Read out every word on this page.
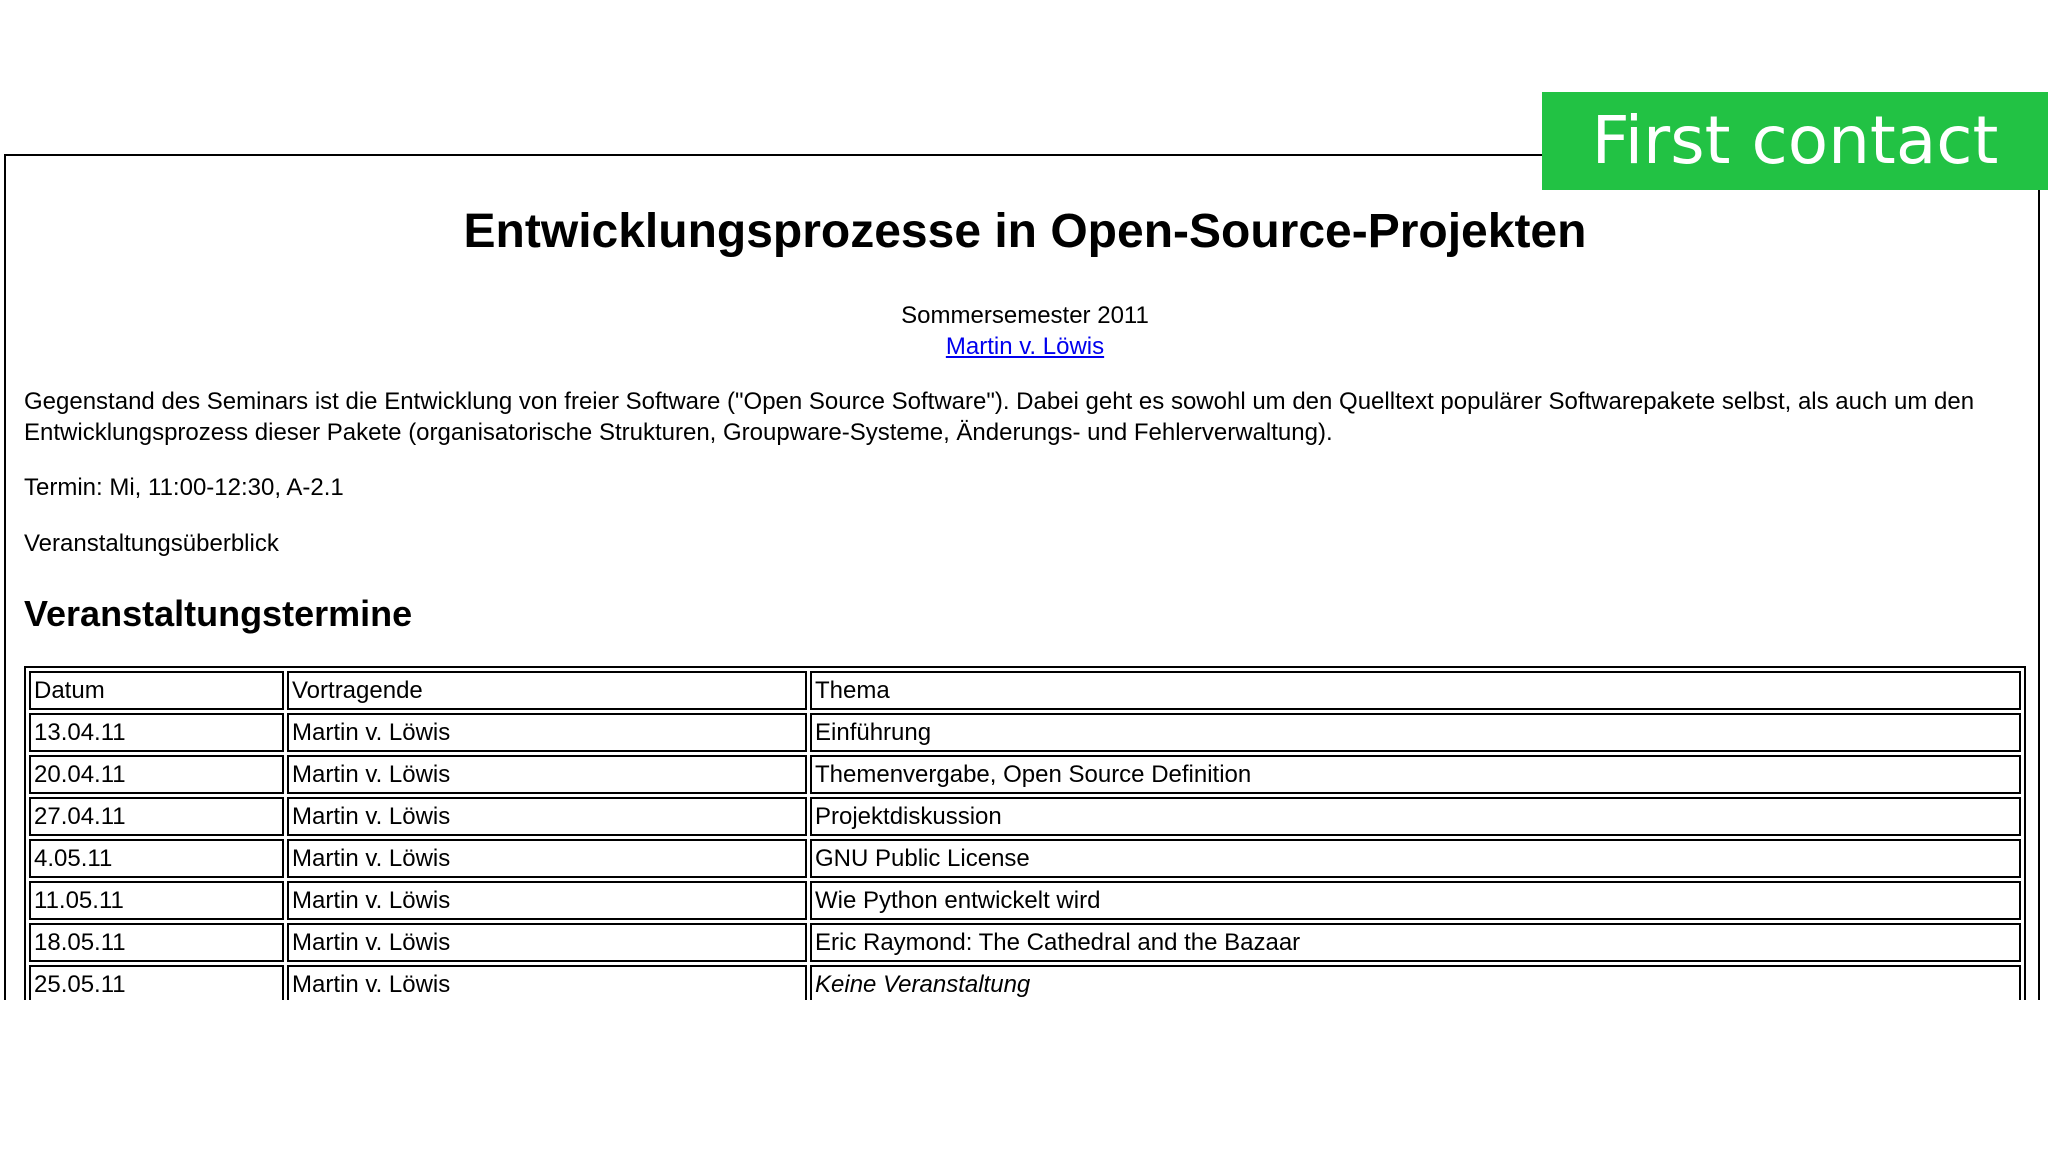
Entwicklungsprozesse in Open-Source-Projekten
Sommersemester 2011
Martin v. Löwis

Gegenstand des Seminars ist die Entwicklung von freier Software ("Open Source Software"). Dabei geht es sowohl um den Quelltext populärer Softwarepakete selbst, als auch um den Entwicklungsprozess dieser Pakete (organisatorische Strukturen, Groupware-Systeme, Änderungs- und Fehlerverwaltung).

Termin: Mi, 11:00-12:30, A-2.1
Veranstaltungsüberblick
Veranstaltungstermine
Datum	Vortragende	Thema
13.04.11	Martin v. Löwis	Einführung
20.04.11	Martin v. Löwis	Themenvergabe, Open Source Definition
27.04.11	Martin v. Löwis	Projektdiskussion
4.05.11	Martin v. Löwis	GNU Public License
11.05.11	Martin v. Löwis	Wie Python entwickelt wird
18.05.11	Martin v. Löwis	Eric Raymond: The Cathedral and the Bazaar
25.05.11	Martin v. Löwis	Keine Veranstaltung
First contact
